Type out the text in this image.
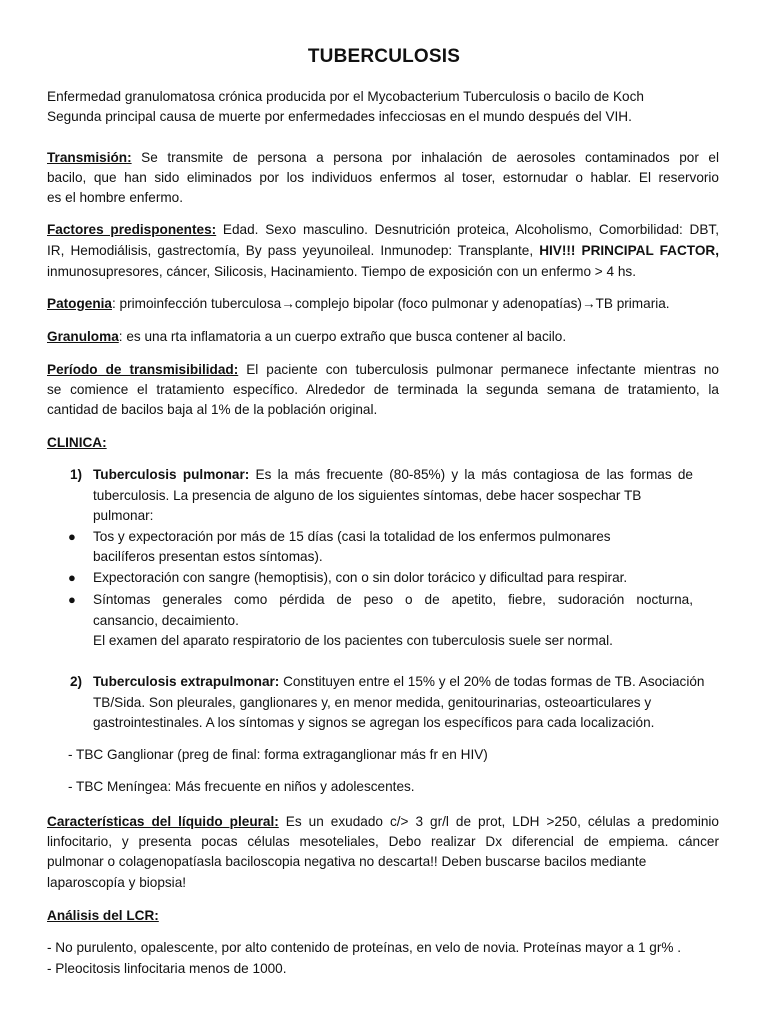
TUBERCULOSIS
Enfermedad granulomatosa crónica producida por el Mycobacterium Tuberculosis o bacilo de Koch
Segunda principal causa de muerte por enfermedades infecciosas en el mundo después del VIH.
Transmisión: Se transmite de persona a persona por inhalación de aerosoles contaminados por el
bacilo, que han sido eliminados por los individuos enfermos al toser, estornudar o hablar. El reservorio
es el hombre enfermo.
Factores predisponentes: Edad. Sexo masculino. Desnutrición proteica, Alcoholismo, Comorbilidad: DBT,
IR, Hemodiálisis, gastrectomía, By pass yeyunoileal. Inmunodep: Transplante, HIV!!! PRINCIPAL FACTOR,
inmunosupresores, cáncer, Silicosis, Hacinamiento. Tiempo de exposición con un enfermo > 4 hs.
Patogenia: primoinfección tuberculosa→complejo bipolar (foco pulmonar y adenopatías)→TB primaria.
Granuloma: es una rta inflamatoria a un cuerpo extraño que busca contener al bacilo.
Período de transmisibilidad: El paciente con tuberculosis pulmonar permanece infectante mientras no
se comience el tratamiento específico. Alrededor de terminada la segunda semana de tratamiento, la
cantidad de bacilos baja al 1% de la población original.
CLINICA:
1) Tuberculosis pulmonar: Es la más frecuente (80-85%) y la más contagiosa de las formas de
tuberculosis. La presencia de alguno de los siguientes síntomas, debe hacer sospechar TB
pulmonar:
● Tos y expectoración por más de 15 días (casi la totalidad de los enfermos pulmonares
bacilíferos presentan estos síntomas).
● Expectoración con sangre (hemoptisis), con o sin dolor torácico y dificultad para respirar.
● Síntomas generales como pérdida de peso o de apetito, fiebre, sudoración nocturna,
cansancio, decaimiento.
El examen del aparato respiratorio de los pacientes con tuberculosis suele ser normal.
2) Tuberculosis extrapulmonar: Constituyen entre el 15% y el 20% de todas formas de TB. Asociación
TB/Sida. Son pleurales, ganglionares y, en menor medida, genitourinarias, osteoarticulares y
gastrointestinales. A los síntomas y signos se agregan los específicos para cada localización.
- TBC Ganglionar (preg de final: forma extraganglionar más fr en HIV)
- TBC Meníngea: Más frecuente en niños y adolescentes.
Características del líquido pleural: Es un exudado c/> 3 gr/l de prot, LDH >250, células a predominio
linfocitario, y presenta pocas células mesoteliales, Debo realizar Dx diferencial de empiema. cáncer
pulmonar o colagenopatíasla baciloscopia negativa no descarta!! Deben buscarse bacilos mediante
laparoscopía y biopsia!
Análisis del LCR:
- No purulento, opalescente, por alto contenido de proteínas, en velo de novia. Proteínas mayor a 1 gr% .
- Pleocitosis linfocitaria menos de 1000.
